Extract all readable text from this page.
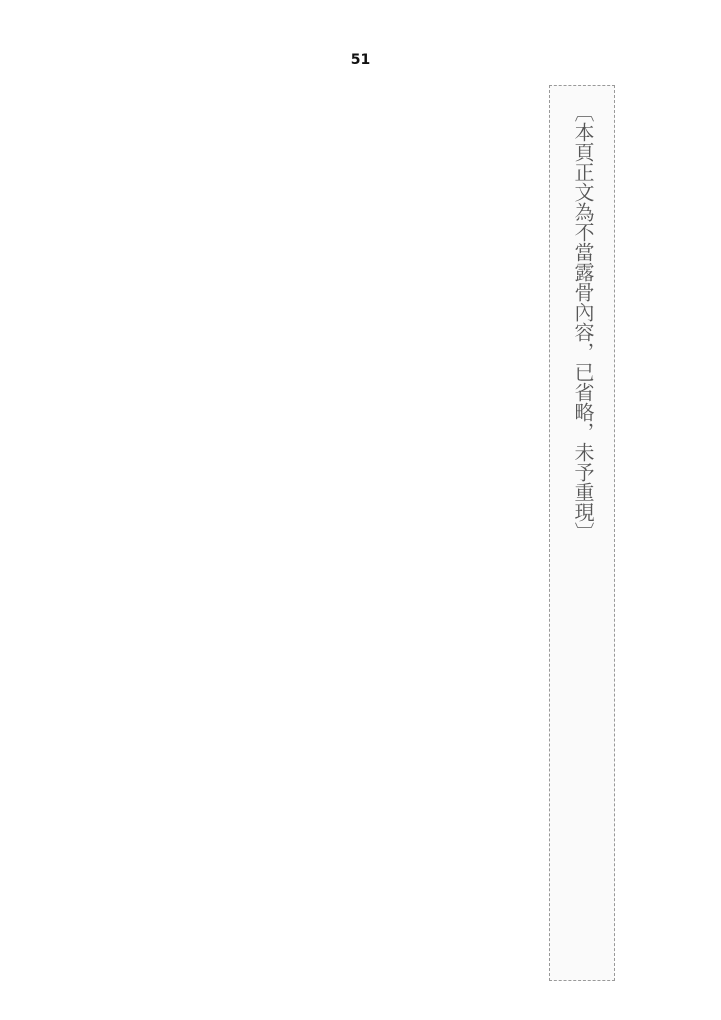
51

〔本頁正文為不當露骨內容，已省略，未予重現〕
